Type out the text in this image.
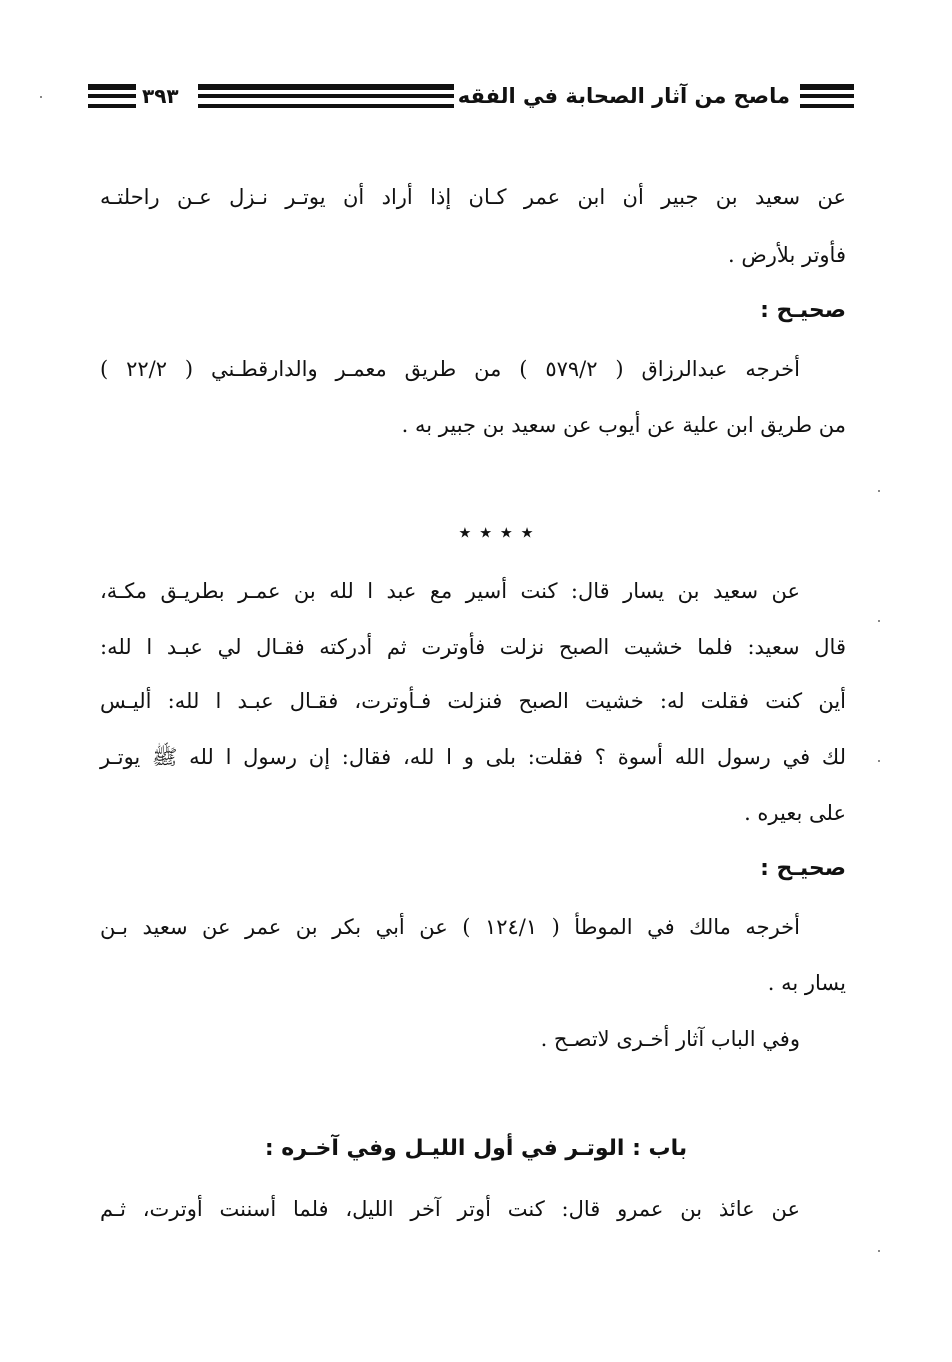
٣٩٣	ماصح من آثار الصحابة في الفقه
عن سعيد بن جبير أن ابن عمر كـان إذا أراد أن يوتـر نـزل عـن راحلتـه
فأوتر بلأرض .
صحيـح :
أخرجه عبدالرزاق ( ٥٧٩/٢ ) من طريق معمـر والدارقطـني ( ٢٢/٢ )
من طريق ابن علية عن أيوب عن سعيد بن جبير به .
٭ ٭ ٭ ٭
عن سعيد بن يسار قال: كنت أسير مع عبد ا لله بن عمـر بطريـق مكـة،
قال سعيد: فلما خشيت الصبح نزلت فأوترت ثم أدركته فقـال لي عبـد ا لله:
أين كنت فقلت له: خشيت الصبح فنزلت فـأوترت، فقـال عبـد ا لله: أليـس
لك في رسول الله أسوة ؟ فقلت: بلى و ا لله، فقال: إن رسول ا لله ﷺ يوتـر
على بعيره .
صحيـح :
أخرجه مالك في الموطأ ( ١٢٤/١ ) عن أبي بكر بن عمر عن سعيد بـن
يسار به .
وفي الباب آثار أخـرى لاتصـح .
باب : الوتـر في أول الليـل وفي آخـره :
عن عائذ بن عمرو قال: كنت أوتر آخر الليل، فلما أسننت أوترت، ثـم
